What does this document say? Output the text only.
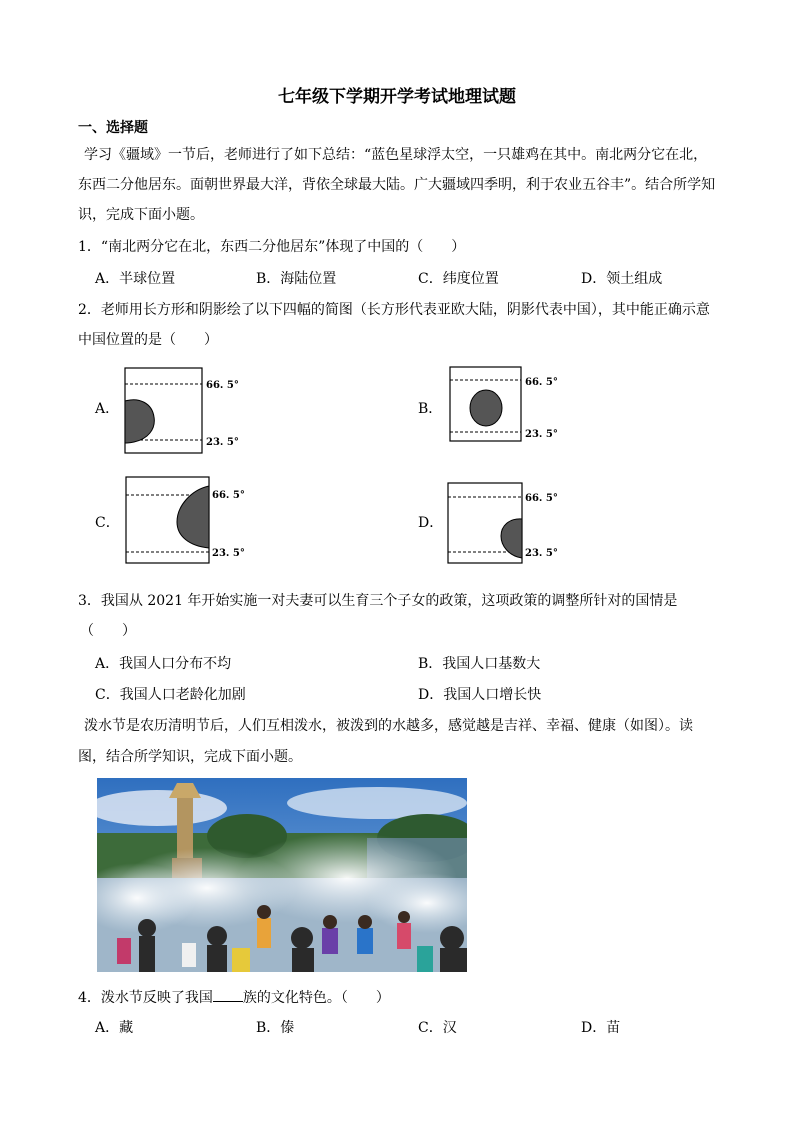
七年级下学期开学考试地理试题
一、选择题
学习《疆域》一节后，老师进行了如下总结：“蓝色星球浮太空，一只雄鸡在其中。南北两分它在北，
东西二分他居东。面朝世界最大洋，背依全球最大陆。广大疆域四季明，利于农业五谷丰”。结合所学知
识，完成下面小题。
1．“南北两分它在北，东西二分他居东”体现了中国的（　　）
A．半球位置	B．海陆位置	C．纬度位置	D．领土组成
2．老师用长方形和阴影绘了以下四幅的简图（长方形代表亚欧大陆，阴影代表中国），其中能正确示意
中国位置的是（　　）
A．
66. 5°
23. 5°
B．
66. 5°
23. 5°
C．
66. 5°
23. 5°
D．
66. 5°
23. 5°
3．我国从 2021 年开始实施一对夫妻可以生育三个子女的政策，这项政策的调整所针对的国情是
（　　）
A．我国人口分布不均	B．我国人口基数大
C．我国人口老龄化加剧	D．我国人口增长快
泼水节是农历清明节后，人们互相泼水，被泼到的水越多，感觉越是吉祥、幸福、健康（如图）。读
图，结合所学知识，完成下面小题。
4．泼水节反映了我国 族的文化特色。（　　）
A．藏	B．傣	C．汉	D．苗
